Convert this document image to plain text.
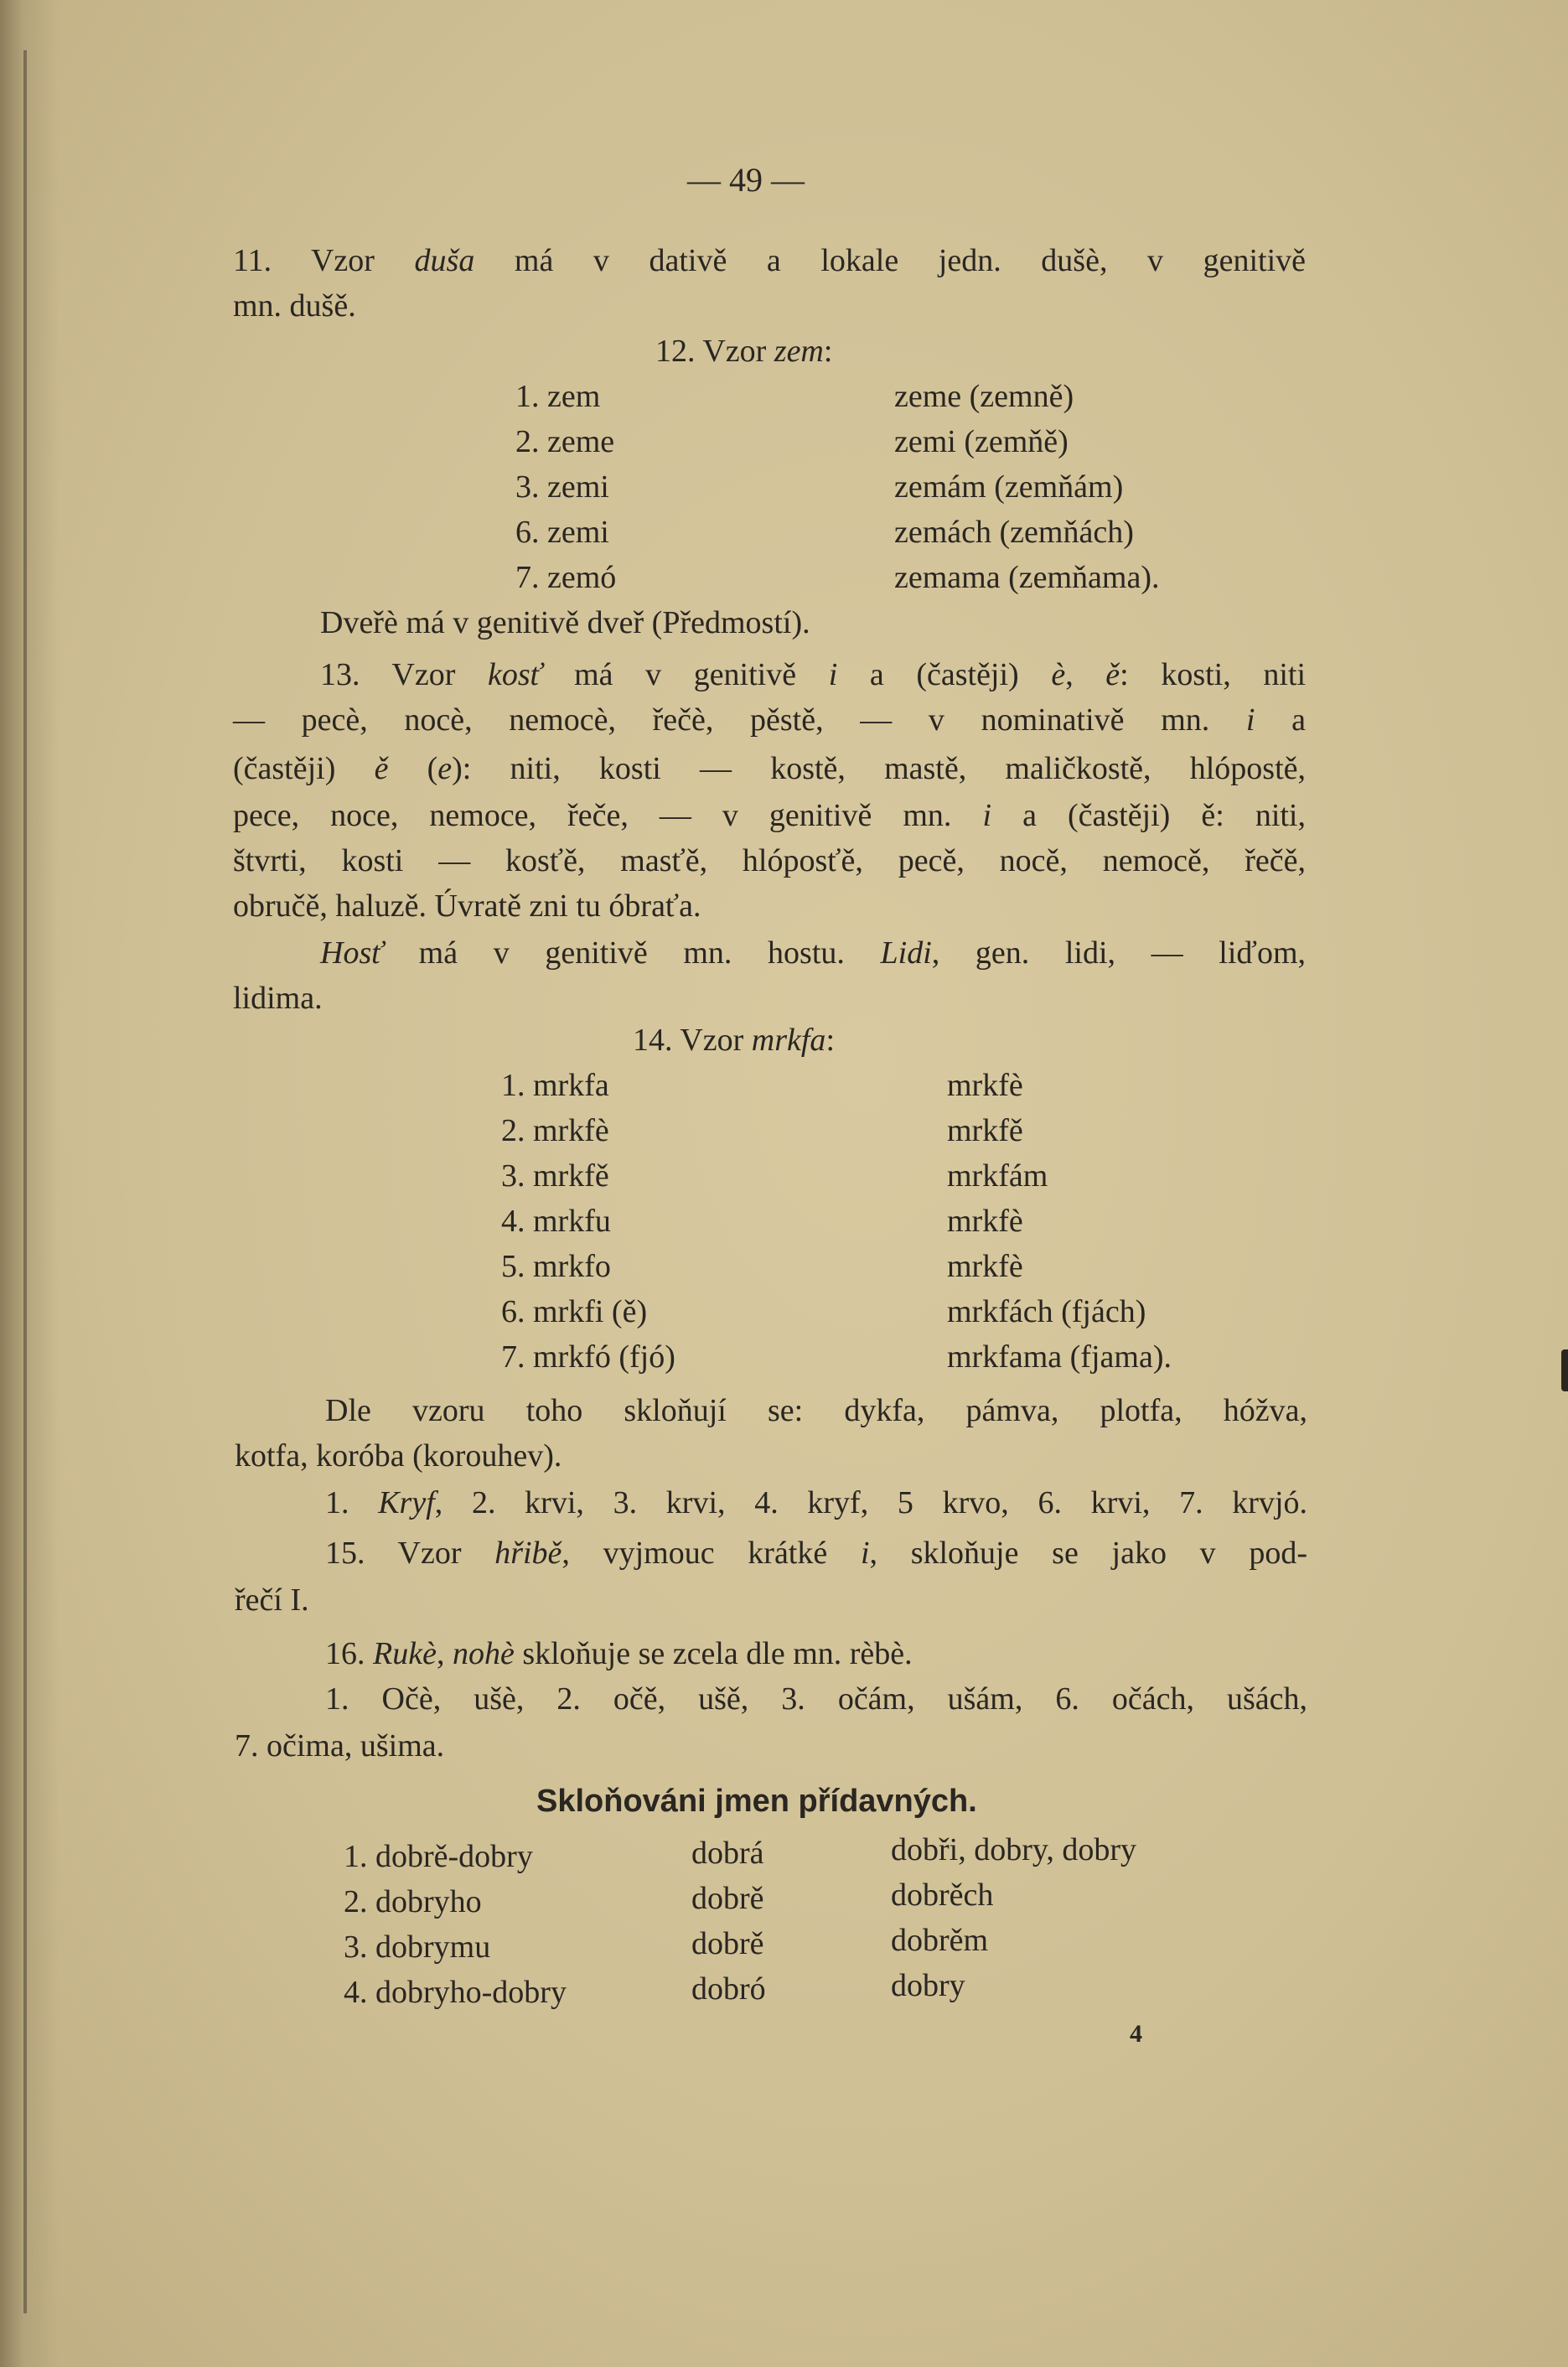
— 49 —
11. Vzor duša má v dativě a lokale jedn. dušè, v genitivě
mn. dušě.
12. Vzor zem:
1. zem	zeme (zemně)
2. zeme	zemi (zemňě)
3. zemi	zemám (zemňám)
6. zemi	zemách (zemňách)
7. zemó	zemama (zemňama).
Dveřè má v genitivě dveř (Předmostí).
13. Vzor kosť má v genitivě i a (častěji) è, ě: kosti, niti
— pecè, nocè, nemocè, řečè, pěstě, — v nominativě mn. i a
(častěji) ě (e): niti, kosti — kostě, mastě, maličkostě, hlópostě,
pece, noce, nemoce, řeče, — v genitivě mn. i a (častěji) ě: niti,
štvrti, kosti — kosťě, masťě, hlóposťě, pecě, nocě, nemocě, řečě,
obručě, haluzě. Úvratě zni tu óbraťa.
Hosť má v genitivě mn. hostu. Lidi, gen. lidi, — liďom,
lidima.
14. Vzor mrkfa:
1. mrkfa	mrkfè
2. mrkfè	mrkfě
3. mrkfě	mrkfám
4. mrkfu	mrkfè
5. mrkfo	mrkfè
6. mrkfi (ě)	mrkfách (fjách)
7. mrkfó (fjó)	mrkfama (fjama).
Dle vzoru toho skloňují se: dykfa, pámva, plotfa, hóžva,
kotfa, koróba (korouhev).
1. Kryf, 2. krvi, 3. krvi, 4. kryf, 5 krvo, 6. krvi, 7. krvjó.
15. Vzor hřibě, vyjmouc krátké i, skloňuje se jako v pod-
řečí I.
16. Rukè, nohè skloňuje se zcela dle mn. rèbè.
1. Očè, ušè, 2. očě, ušě, 3. očám, ušám, 6. očách, ušách,
7. očima, ušima.
Skloňováni jmen přídavných.
1. dobrě-dobry	dobrá	dobři, dobry, dobry
2. dobryho	dobrě	dobrěch
3. dobrymu	dobrě	dobrěm
4. dobryho-dobry	dobró	dobry
4
